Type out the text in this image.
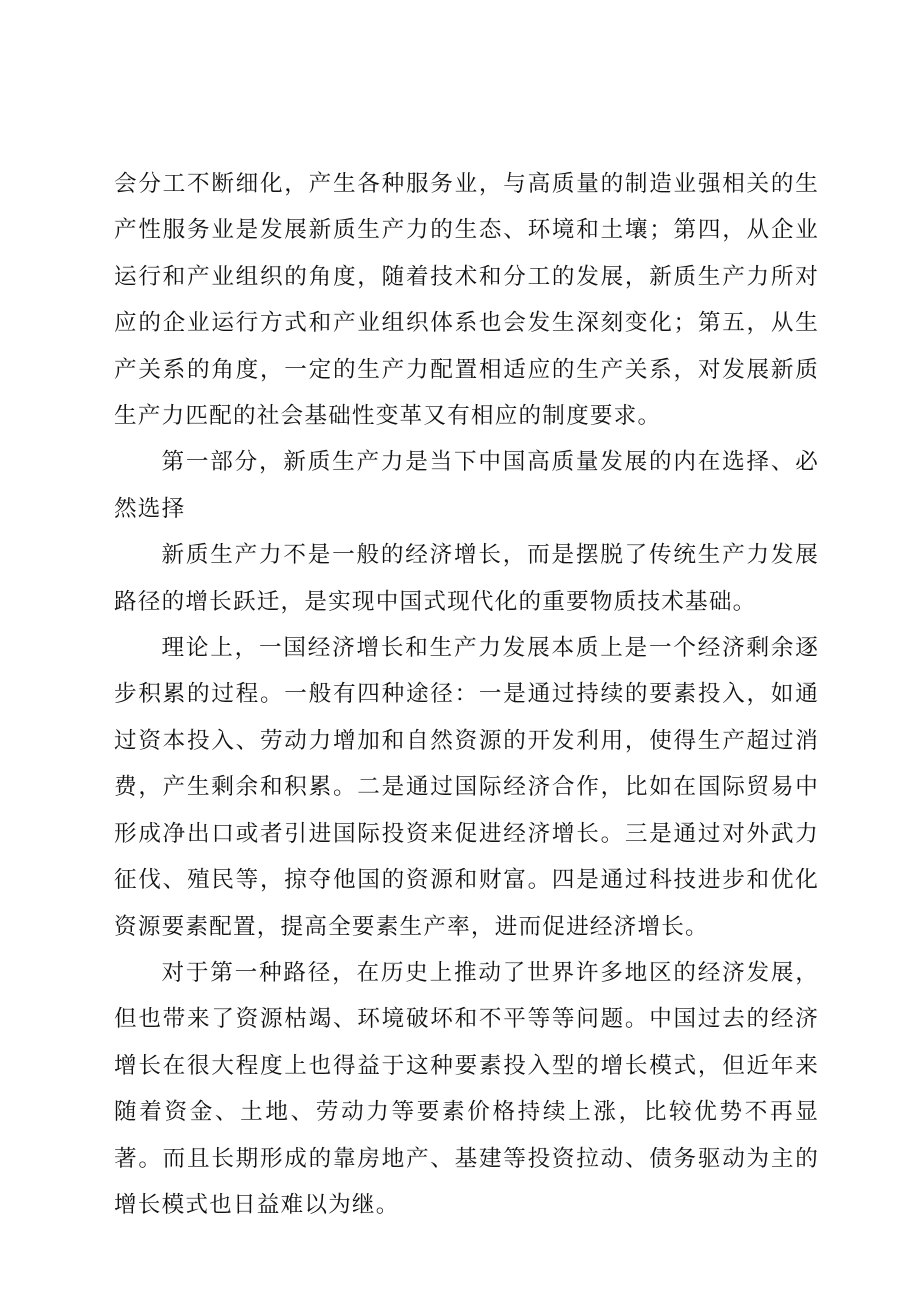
会分工不断细化，产生各种服务业，与高质量的制造业强相关的生产性服务业是发展新质生产力的生态、环境和土壤；第四，从企业运行和产业组织的角度，随着技术和分工的发展，新质生产力所对应的企业运行方式和产业组织体系也会发生深刻变化；第五，从生产关系的角度，一定的生产力配置相适应的生产关系，对发展新质生产力匹配的社会基础性变革又有相应的制度要求。

第一部分，新质生产力是当下中国高质量发展的内在选择、必然选择

新质生产力不是一般的经济增长，而是摆脱了传统生产力发展路径的增长跃迁，是实现中国式现代化的重要物质技术基础。

理论上，一国经济增长和生产力发展本质上是一个经济剩余逐步积累的过程。一般有四种途径：一是通过持续的要素投入，如通过资本投入、劳动力增加和自然资源的开发利用，使得生产超过消费，产生剩余和积累。二是通过国际经济合作，比如在国际贸易中形成净出口或者引进国际投资来促进经济增长。三是通过对外武力征伐、殖民等，掠夺他国的资源和财富。四是通过科技进步和优化资源要素配置，提高全要素生产率，进而促进经济增长。

对于第一种路径，在历史上推动了世界许多地区的经济发展，但也带来了资源枯竭、环境破坏和不平等等问题。中国过去的经济增长在很大程度上也得益于这种要素投入型的增长模式，但近年来随着资金、土地、劳动力等要素价格持续上涨，比较优势不再显著。而且长期形成的靠房地产、基建等投资拉动、债务驱动为主的增长模式也日益难以为继。
